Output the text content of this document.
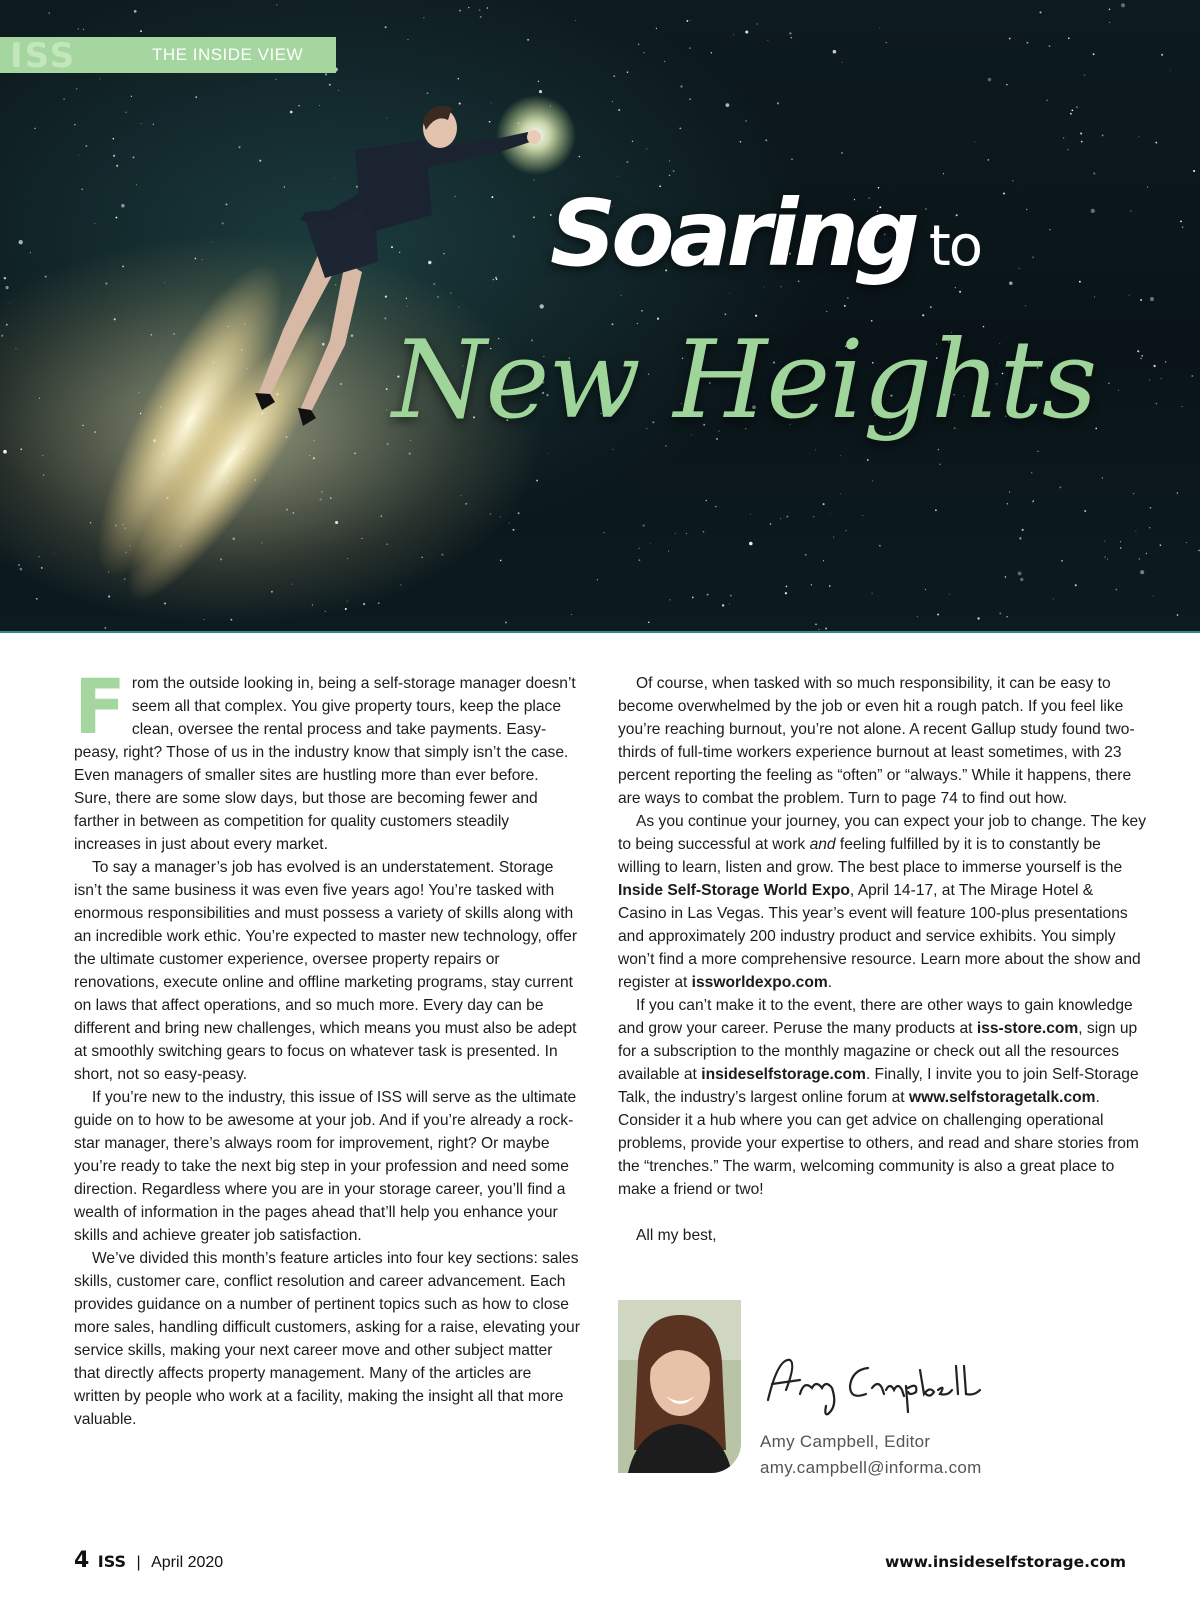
ISS	THE INSIDE VIEW
Soaring to
New Heights

From the outside looking in, being a self-storage manager doesn’t seem all that complex. You give property tours, keep the place clean, oversee the rental process and take payments. Easy-peasy, right? Those of us in the industry know that simply isn’t the case. Even managers of smaller sites are hustling more than ever before. Sure, there are some slow days, but those are becoming fewer and farther in between as competition for quality customers steadily increases in just about every market.

To say a manager’s job has evolved is an understatement. Storage isn’t the same business it was even five years ago! You’re tasked with enormous responsibilities and must possess a variety of skills along with an incredible work ethic. You’re expected to master new technology, offer the ultimate customer experience, oversee property repairs or renovations, execute online and offline marketing programs, stay current on laws that affect operations, and so much more. Every day can be different and bring new challenges, which means you must also be adept at smoothly switching gears to focus on whatever task is presented. In short, not so easy-peasy.

If you’re new to the industry, this issue of ISS will serve as the ultimate guide on to how to be awesome at your job. And if you’re already a rock-star manager, there’s always room for improvement, right? Or maybe you’re ready to take the next big step in your profession and need some direction. Regardless where you are in your storage career, you’ll find a wealth of information in the pages ahead that’ll help you enhance your skills and achieve greater job satisfaction.

We’ve divided this month’s feature articles into four key sections: sales skills, customer care, conflict resolution and career advancement. Each provides guidance on a number of pertinent topics such as how to close more sales, handling difficult customers, asking for a raise, elevating your service skills, making your next career move and other subject matter that directly affects property management. Many of the articles are written by people who work at a facility, making the insight all that more valuable.

Of course, when tasked with so much responsibility, it can be easy to become overwhelmed by the job or even hit a rough patch. If you feel like you’re reaching burnout, you’re not alone. A recent Gallup study found two-thirds of full-time workers experience burnout at least sometimes, with 23 percent reporting the feeling as “often” or “always.” While it happens, there are ways to combat the problem. Turn to page 74 to find out how.

As you continue your journey, you can expect your job to change. The key to being successful at work and feeling fulfilled by it is to constantly be willing to learn, listen and grow. The best place to immerse yourself is the Inside Self-Storage World Expo, April 14-17, at The Mirage Hotel & Casino in Las Vegas. This year’s event will feature 100-plus presentations and approximately 200 industry product and service exhibits. You simply won’t find a more comprehensive resource. Learn more about the show and register at issworldexpo.com.

If you can’t make it to the event, there are other ways to gain knowledge and grow your career. Peruse the many products at iss-store.com, sign up for a subscription to the monthly magazine or check out all the resources available at insideselfstorage.com. Finally, I invite you to join Self-Storage Talk, the industry’s largest online forum at www.selfstoragetalk.com. Consider it a hub where you can get advice on challenging operational problems, provide your expertise to others, and read and share stories from the “trenches.” The warm, welcoming community is also a great place to make a friend or two!

All my best,
Amy Campbell, Editor
amy.campbell@informa.com
4 ISS | April 2020	www.insideselfstorage.com
